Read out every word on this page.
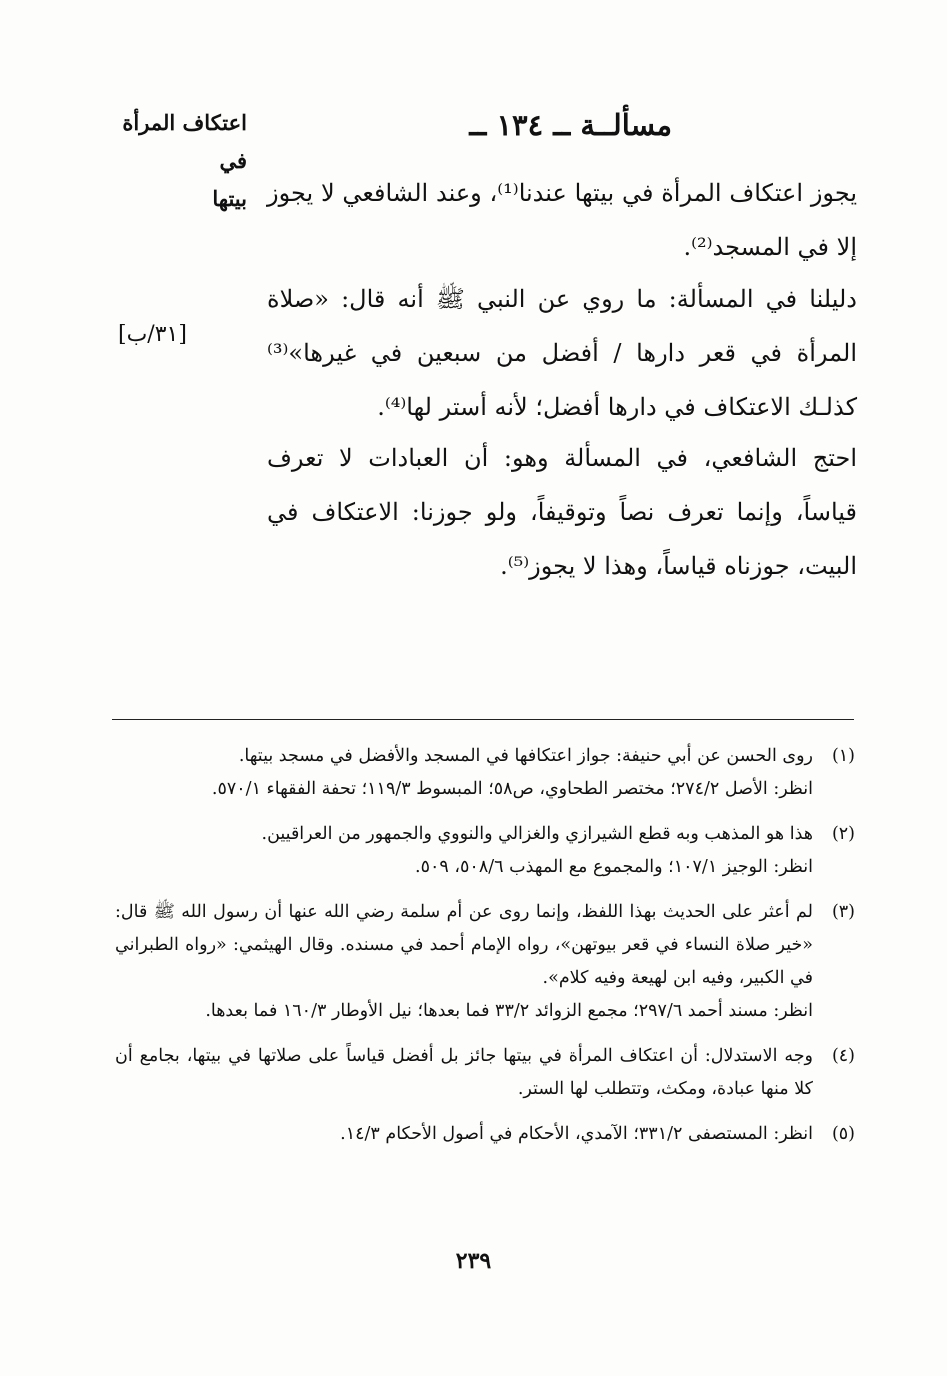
اعتكاف المرأة في
بيتها
مسألــة ــ ١٣٤ ــ
يجوز اعتكاف المرأة في بيتها عندنا⁽¹⁾، وعند الشافعي لا يجوز إلا في المسجد⁽²⁾.
دليلنا في المسألة: ما روي عن النبي ﷺ أنه قال: «صلاة المرأة في قعر دارها / أفضل من سبعين في غيرها»⁽³⁾ كذلـك الاعتكاف في دارها أفضل؛ لأنه أستر لها⁽⁴⁾.
[٣١/ب]
احتج الشافعي، في المسألة وهو: أن العبادات لا تعرف قياساً، وإنما تعرف نصاً وتوقيفاً، ولو جوزنا: الاعتكاف في البيت، جوزناه قياساً، وهذا لا يجوز⁽⁵⁾.
(١)
روى الحسن عن أبي حنيفة: جواز اعتكافها في المسجد والأفضل في مسجد بيتها.
انظر: الأصل ٢٧٤/٢؛ مختصر الطحاوي، ص٥٨؛ المبسوط ١١٩/٣؛ تحفة الفقهاء ٥٧٠/١.
(٢)
هذا هو المذهب وبه قطع الشيرازي والغزالي والنووي والجمهور من العراقيين.
انظر: الوجيز ١٠٧/١؛ والمجموع مع المهذب ٥٠٨/٦، ٥٠٩.
(٣)
لم أعثر على الحديث بهذا اللفظ، وإنما روى عن أم سلمة رضي الله عنها أن رسول الله ﷺ قال: «خير صلاة النساء في قعر بيوتهن»، رواه الإمام أحمد في مسنده. وقال الهيثمي: «رواه الطبراني في الكبير، وفيه ابن لهيعة وفيه كلام».
انظر: مسند أحمد ٢٩٧/٦؛ مجمع الزوائد ٣٣/٢ فما بعدها؛ نيل الأوطار ١٦٠/٣ فما بعدها.
(٤)
وجه الاستدلال: أن اعتكاف المرأة في بيتها جائز بل أفضل قياساً على صلاتها في بيتها، بجامع أن كلا منها عبادة، ومكث، وتتطلب لها الستر.
(٥)
انظر: المستصفى ٣٣١/٢؛ الآمدي، الأحكام في أصول الأحكام ١٤/٣.
٢٣٩
